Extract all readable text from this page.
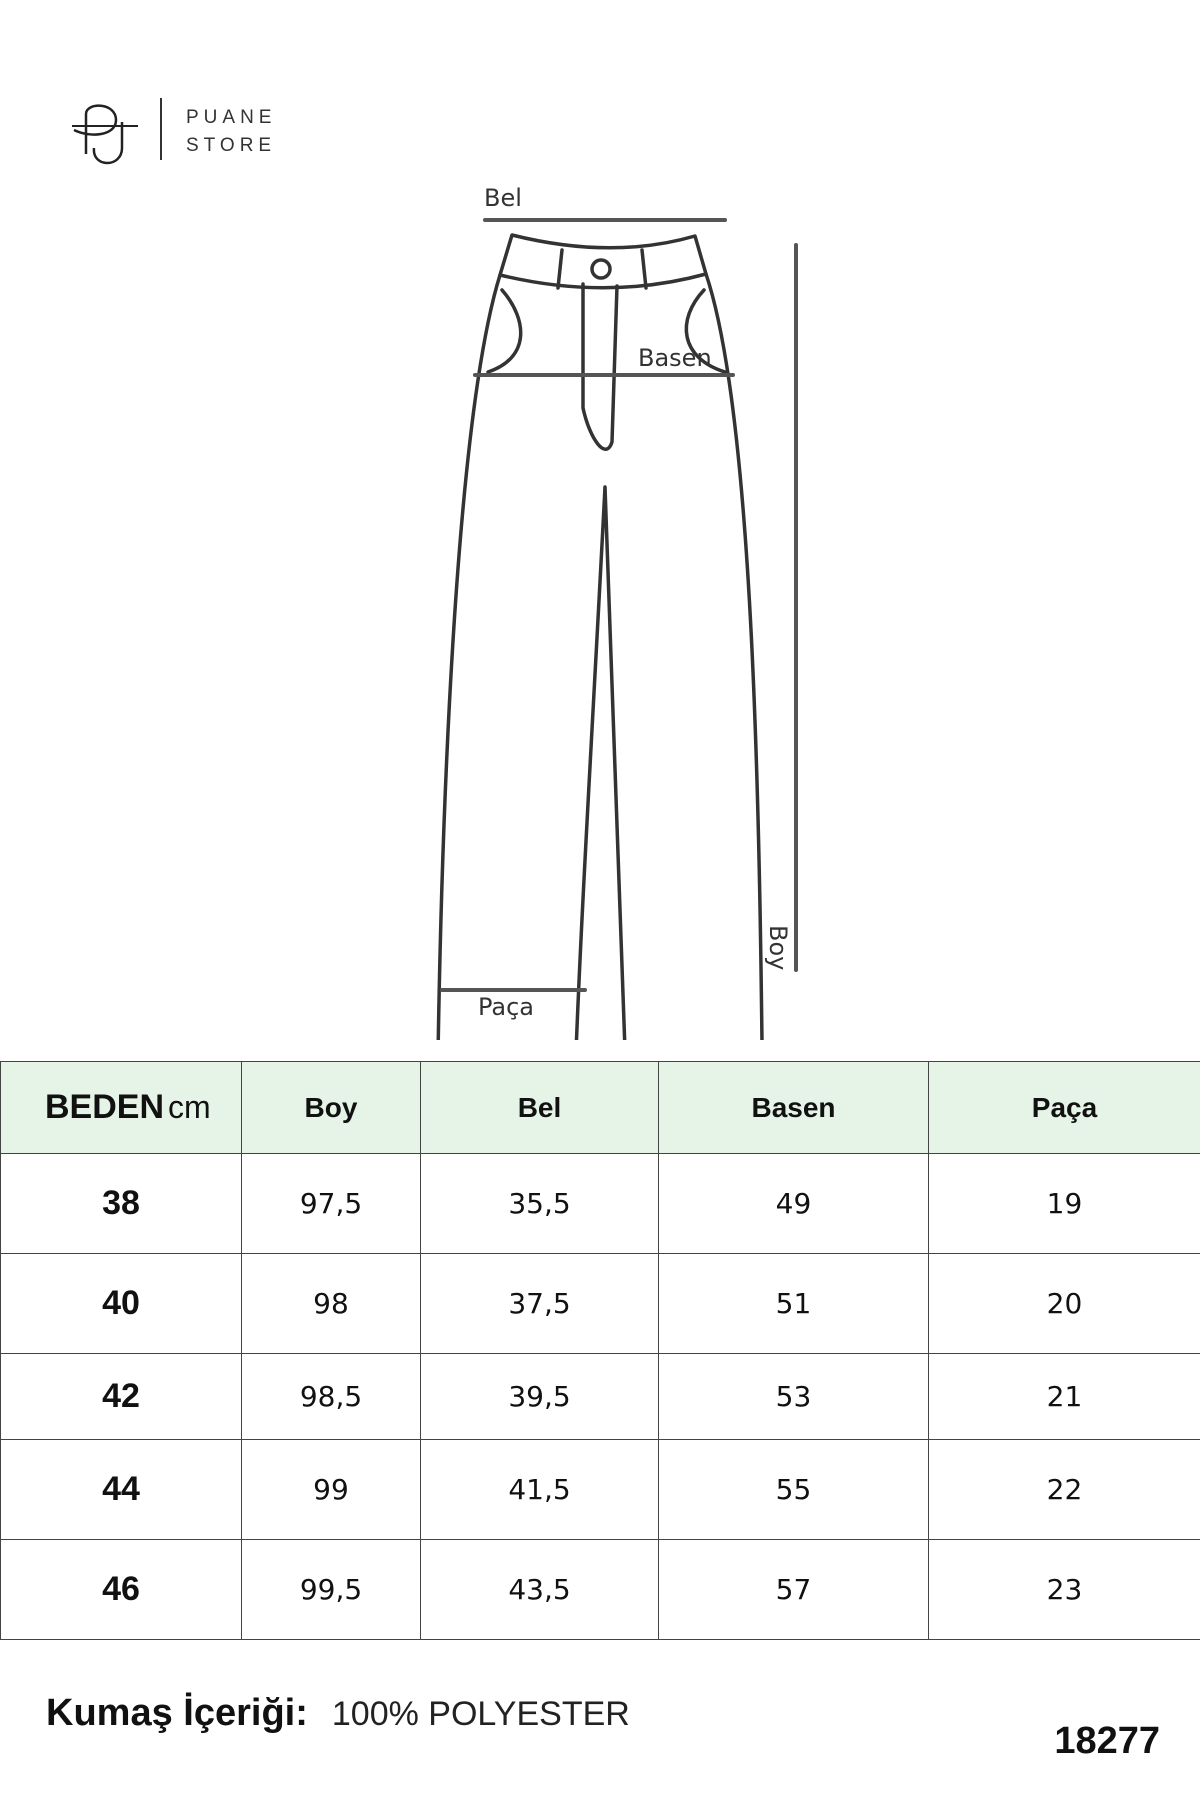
PUANE
STORE
Bel
Basen
Paça
Boy
BEDEN cm	Boy	Bel	Basen	Paça
38	97,5	35,5	49	19
40	98	37,5	51	20
42	98,5	39,5	53	21
44	99	41,5	55	22
46	99,5	43,5	57	23
Kumaş İçeriği: 100% POLYESTER
18277
